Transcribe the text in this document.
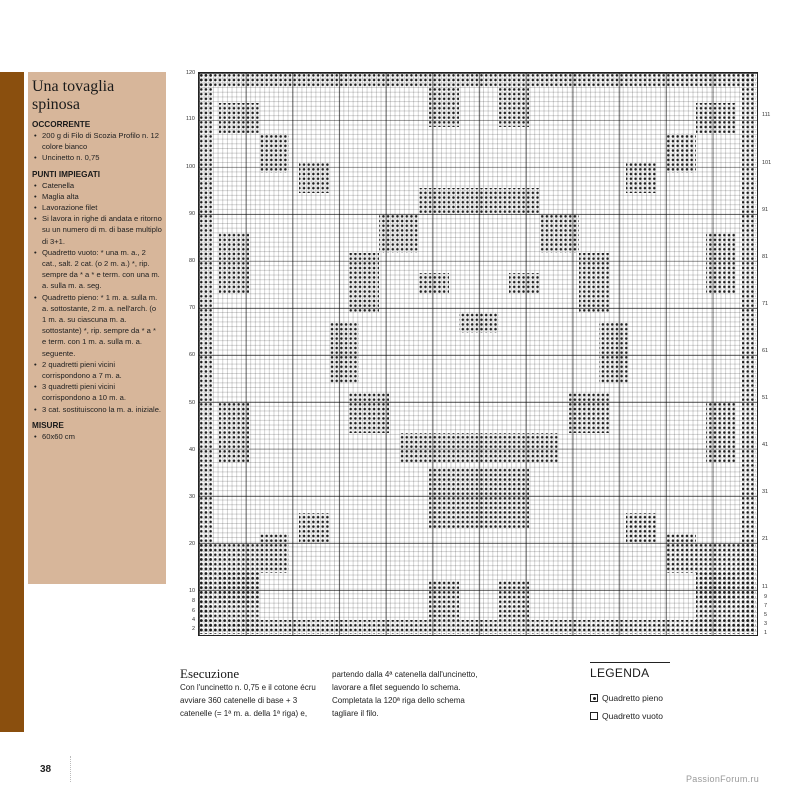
Una tovaglia spinosa
OCCORRENTE
• 200 g di Filo di Scozia Profilo n. 12 colore bianco
• Uncinetto n. 0,75
PUNTI IMPIEGATI
• Catenella
• Maglia alta
• Lavorazione filet
• Si lavora in righe di andata e ritorno su un numero di m. di base multiplo di 3+1.
• Quadretto vuoto: * una m. a., 2 cat., salt. 2 cat. (o 2 m. a.) *, rip. sempre da * a * e term. con una m. a. sulla m. a. seg.
• Quadretto pieno: * 1 m. a. sulla m. a. sottostante, 2 m. a. nell'arch. (o 1 m. a. su ciascuna m. a. sottostante) *, rip. sempre da * a * e term. con 1 m. a. sulla m. a. seguente.
• 2 quadretti pieni vicini corrispondono a 7 m. a.
• 3 quadretti pieni vicini corrispondono a 10 m. a.
• 3 cat. sostituiscono la m. a. iniziale.
MISURE
• 60x60 cm
120
110
100
90
80
70
60
50
40
30
20
10
8
6
4
2
111
101
91
81
71
61
51
41
31
21
11
9
7
5
3
1
Esecuzione
Con l'uncinetto n. 0,75 e il cotone écru avviare 360 catenelle di base + 3 catenelle (= 1ª m. a. della 1ª riga) e,
partendo dalla 4ª catenella dall'uncinetto, lavorare a filet seguendo lo schema. Completata la 120ª riga dello schema tagliare il filo.
LEGENDA
Quadretto pieno
Quadretto vuoto
38
PassionForum.ru
